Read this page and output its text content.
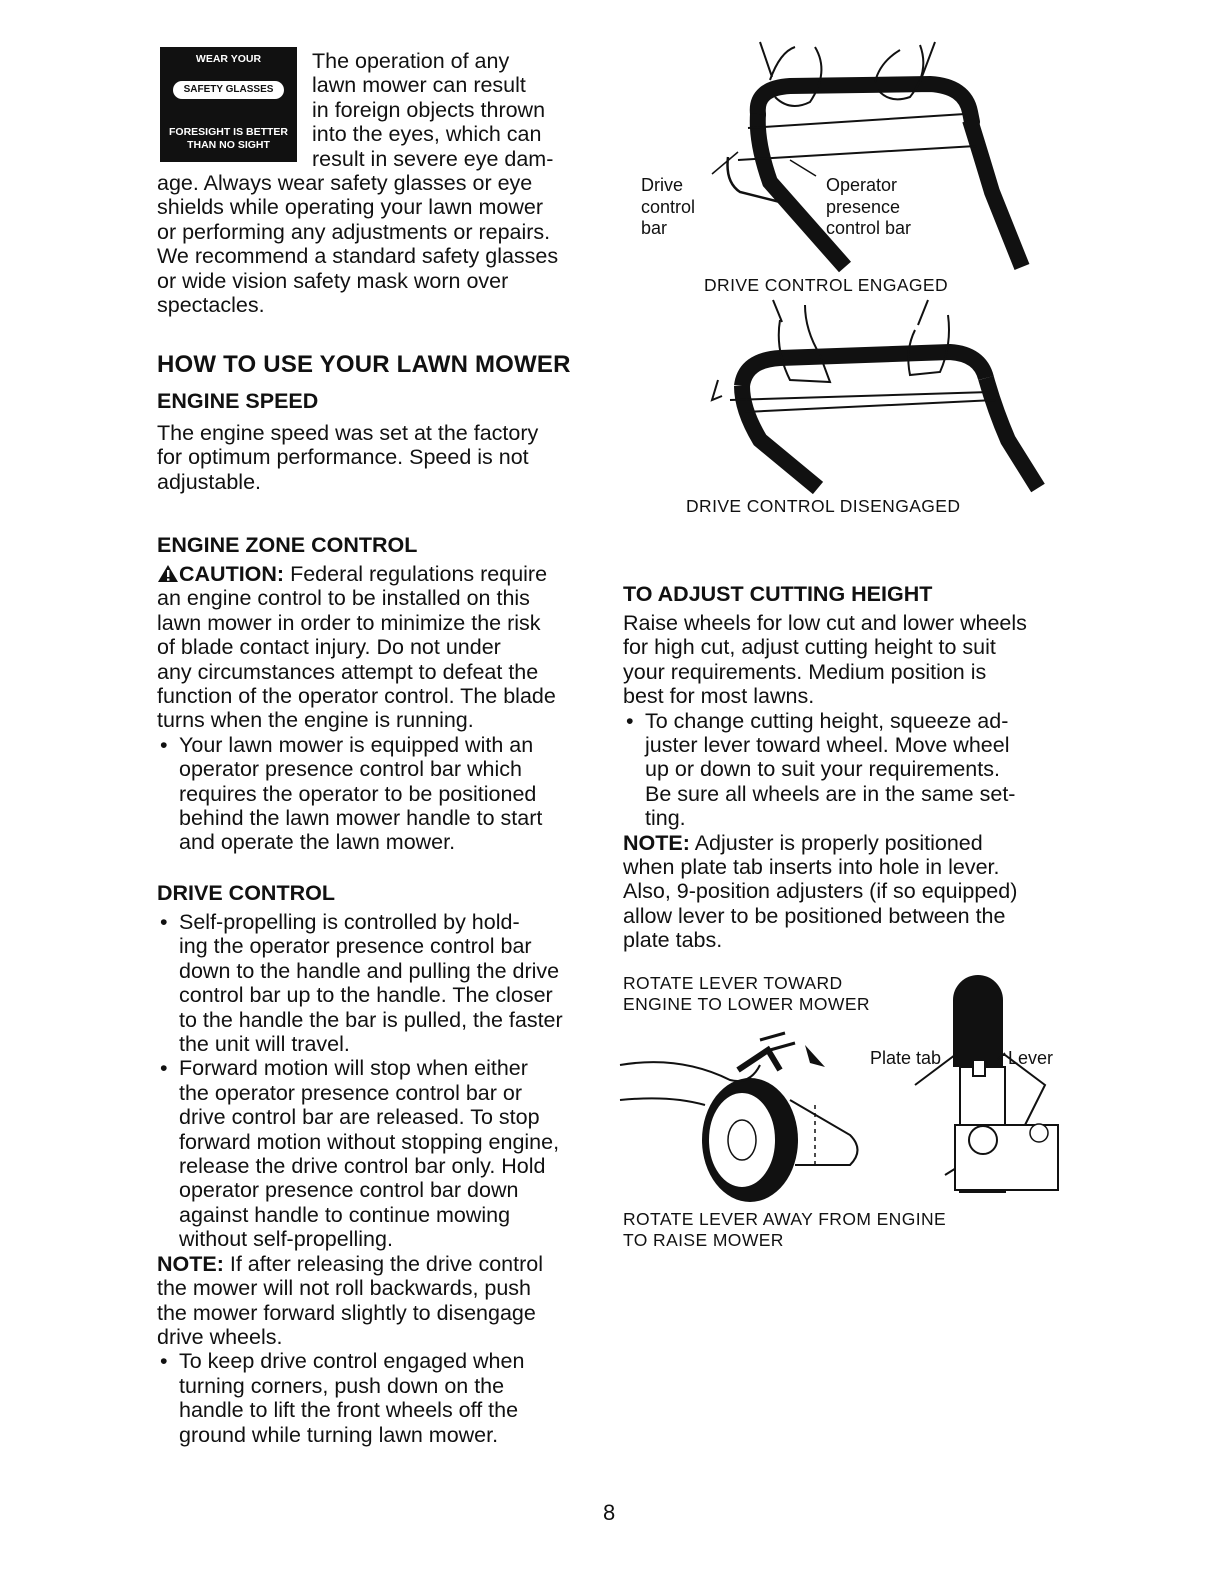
WEAR YOUR
SAFETY GLASSES
FORESIGHT IS BETTER
THAN NO SIGHT
The operation of any
lawn mower can result
in foreign objects thrown
into the eyes, which can
result in severe eye dam-
age. Always wear safety glasses or eye
shields while operating your lawn mower
or performing any adjustments or repairs.
We recommend a standard safety glasses
or wide vision safety mask worn over
spectacles.
HOW TO USE YOUR LAWN MOWER
ENGINE SPEED
The engine speed was set at the factory
for optimum performance. Speed is not
adjustable.
ENGINE ZONE CONTROL
CAUTION: Federal regulations require
an engine control to be installed on this
lawn mower in order to minimize the risk
of blade contact injury. Do not under
any circumstances attempt to defeat the
function of the operator control. The blade
turns when the engine is running.
• Your lawn mower is equipped with an
operator presence control bar which
requires the operator to be positioned
behind the lawn mower handle to start
and operate the lawn mower.
DRIVE CONTROL
• Self-propelling is controlled by hold-
ing the operator presence control bar
down to the handle and pulling the drive
control bar up to the handle. The closer
to the handle the bar is pulled, the faster
the unit will travel.
• Forward motion will stop when either
the operator presence control bar or
drive control bar are released. To stop
forward motion without stopping engine,
release the drive control bar only. Hold
operator presence control bar down
against handle to continue mowing
without self-propelling.
NOTE: If after releasing the drive control
the mower will not roll backwards, push
the mower forward slightly to disengage
drive wheels.
• To keep drive control engaged when
turning corners, push down on the
handle to lift the front wheels off the
ground while turning lawn mower.
Drive
control
bar
Operator
presence
control bar
DRIVE CONTROL ENGAGED
DRIVE CONTROL DISENGAGED
TO ADJUST CUTTING HEIGHT
Raise wheels for low cut and lower wheels
for high cut, adjust cutting height to suit
your requirements. Medium position is
best for most lawns.
• To change cutting height, squeeze ad-
juster lever toward wheel. Move wheel
up or down to suit your requirements.
Be sure all wheels are in the same set-
ting.
NOTE: Adjuster is properly positioned
when plate tab inserts into hole in lever.
Also, 9-position adjusters (if so equipped)
allow lever to be positioned between the
plate tabs.
ROTATE LEVER TOWARD
ENGINE TO LOWER MOWER
Plate tab	Lever
ROTATE LEVER AWAY FROM ENGINE
TO RAISE MOWER
8
